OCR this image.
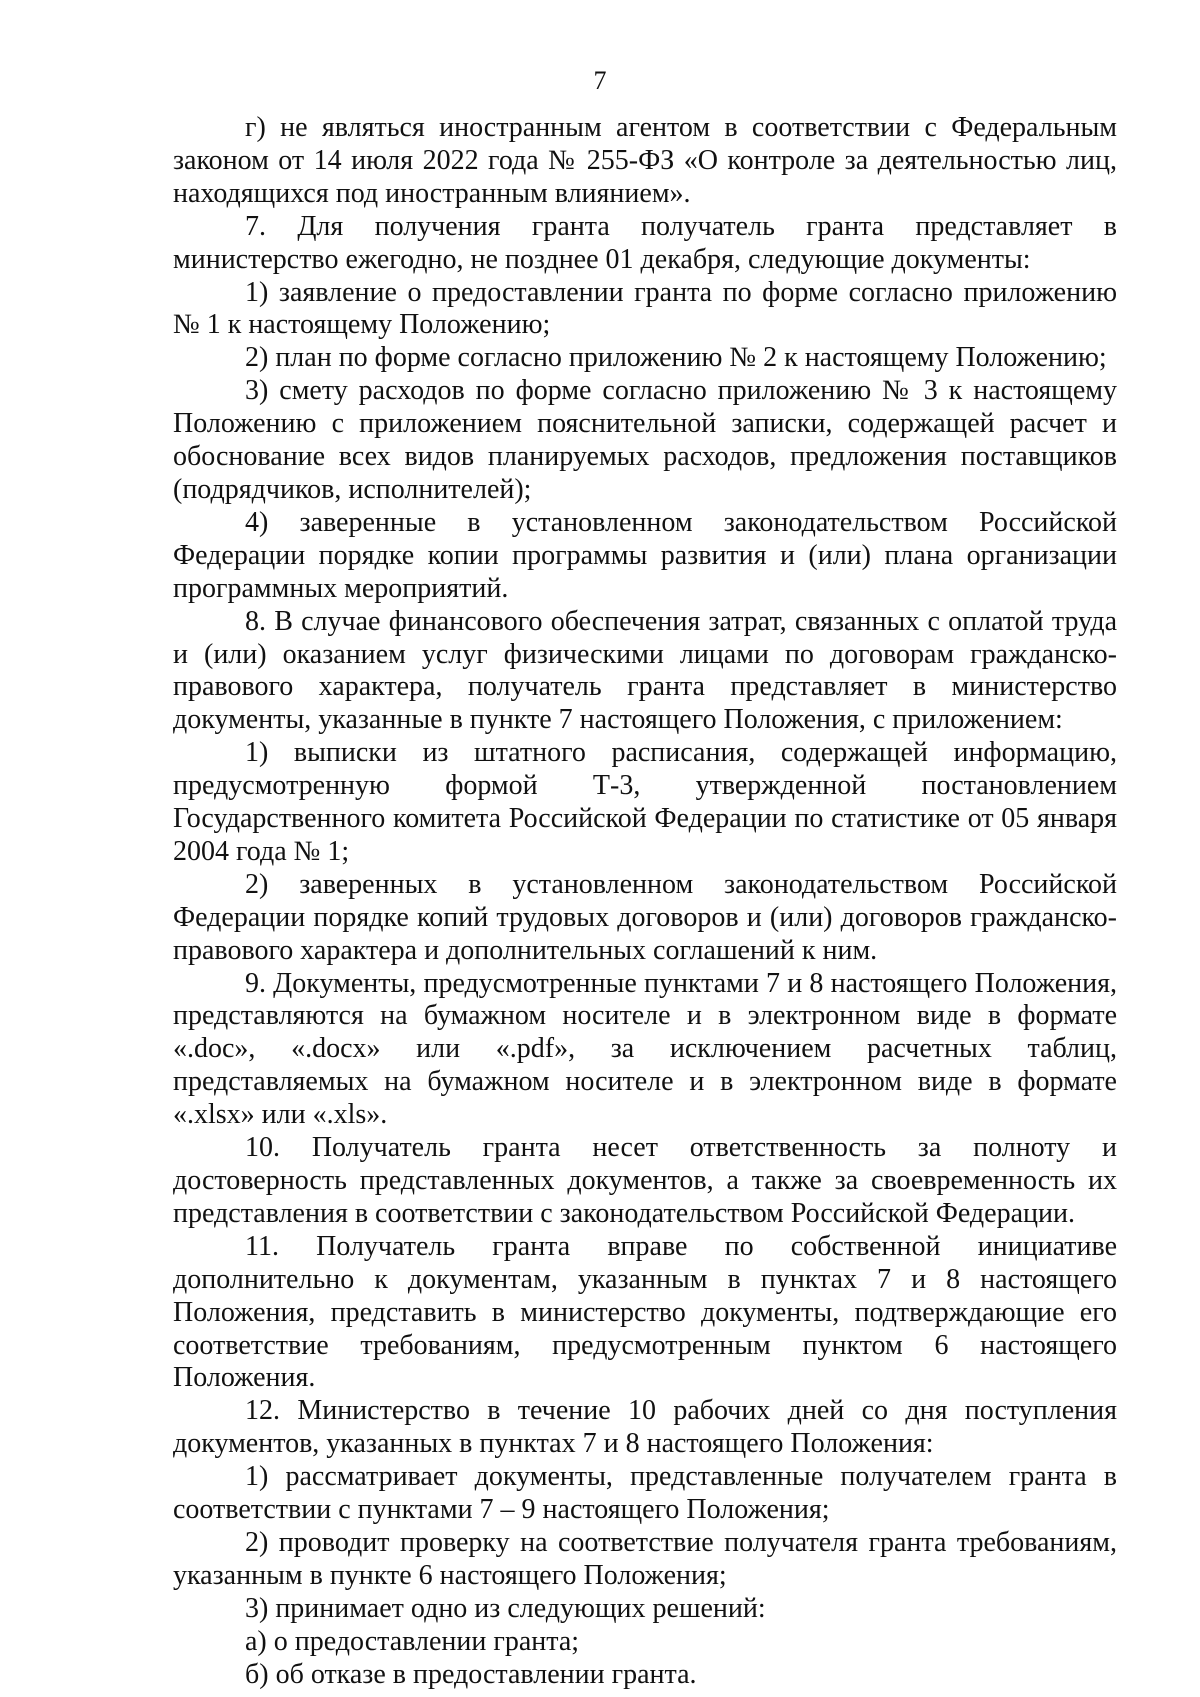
7

г) не являться иностранным агентом в соответствии с Федеральным законом от 14 июля 2022 года № 255-ФЗ «О контроле за деятельностью лиц, находящихся под иностранным влиянием».

7. Для получения гранта получатель гранта представляет в министерство ежегодно, не позднее 01 декабря, следующие документы:

1) заявление о предоставлении гранта по форме согласно приложению № 1 к настоящему Положению;

2) план по форме согласно приложению № 2 к настоящему Положению;

3) смету расходов по форме согласно приложению № 3 к настоящему Положению с приложением пояснительной записки, содержащей расчет и обоснование всех видов планируемых расходов, предложения поставщиков (подрядчиков, исполнителей);

4) заверенные в установленном законодательством Российской Федерации порядке копии программы развития и (или) плана организации программных мероприятий.

8. В случае финансового обеспечения затрат, связанных с оплатой труда и (или) оказанием услуг физическими лицами по договорам гражданско-правового характера, получатель гранта представляет в министерство документы, указанные в пункте 7 настоящего Положения, с приложением:

1) выписки из штатного расписания, содержащей информацию, предусмотренную формой Т-3, утвержденной постановлением Государственного комитета Российской Федерации по статистике от 05 января 2004 года № 1;

2) заверенных в установленном законодательством Российской Федерации порядке копий трудовых договоров и (или) договоров гражданско-правового характера и дополнительных соглашений к ним.

9. Документы, предусмотренные пунктами 7 и 8 настоящего Положения, представляются на бумажном носителе и в электронном виде в формате «.doc», «.docx» или «.pdf», за исключением расчетных таблиц, представляемых на бумажном носителе и в электронном виде в формате «.xlsx» или «.xls».

10. Получатель гранта несет ответственность за полноту и достоверность представленных документов, а также за своевременность их представления в соответствии с законодательством Российской Федерации.

11. Получатель гранта вправе по собственной инициативе дополнительно к документам, указанным в пунктах 7 и 8 настоящего Положения, представить в министерство документы, подтверждающие его соответствие требованиям, предусмотренным пунктом 6 настоящего Положения.

12. Министерство в течение 10 рабочих дней со дня поступления документов, указанных в пунктах 7 и 8 настоящего Положения:

1) рассматривает документы, представленные получателем гранта в соответствии с пунктами 7 – 9 настоящего Положения;

2) проводит проверку на соответствие получателя гранта требованиям, указанным в пункте 6 настоящего Положения;

3) принимает одно из следующих решений:

а) о предоставлении гранта;

б) об отказе в предоставлении гранта.
